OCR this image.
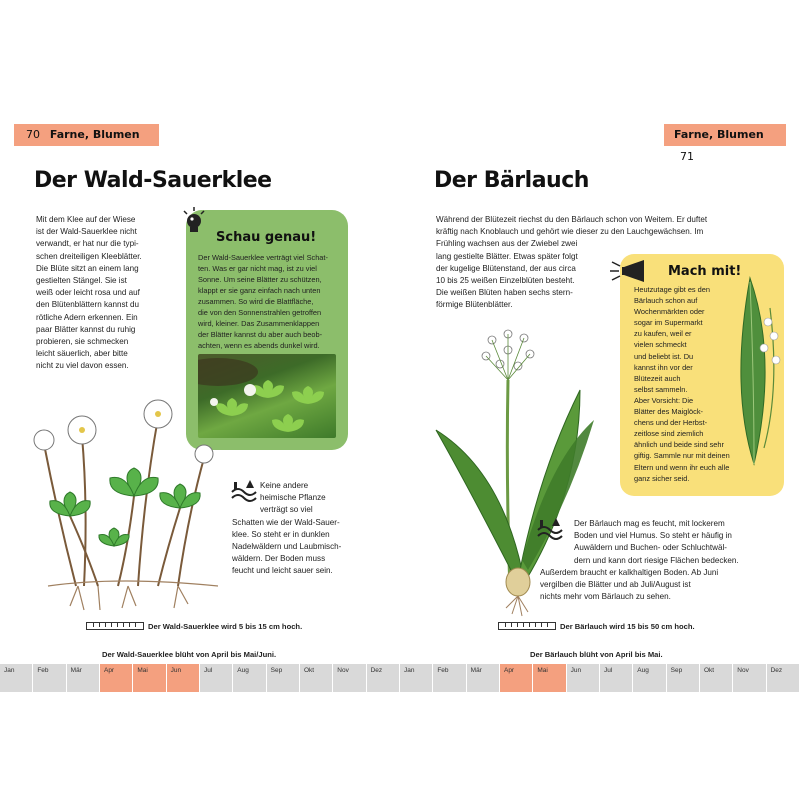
70 Farne, Blumen
Der Wald-Sauerklee
Mit dem Klee auf der Wiese
ist der Wald-Sauerklee nicht
verwandt, er hat nur die typi-
schen dreiteiligen Kleeblätter.
Die Blüte sitzt an einem lang
gestielten Stängel. Sie ist
weiß oder leicht rosa und auf
den Blütenblättern kannst du
rötliche Adern erkennen. Ein
paar Blätter kannst du ruhig
probieren, sie schmecken
leicht säuerlich, aber bitte
nicht zu viel davon essen.
Schau genau!
Der Wald-Sauerklee verträgt viel Schat-
ten. Was er gar nicht mag, ist zu viel
Sonne. Um seine Blätter zu schützen,
klappt er sie ganz einfach nach unten
zusammen. So wird die Blattfläche,
die von den Sonnenstrahlen getroffen
wird, kleiner. Das Zusammenklappen
der Blätter kannst du aber auch beob-
achten, wenn es abends dunkel wird.
Keine andere
heimische Pflanze
verträgt so viel
Schatten wie der Wald-Sauer-
klee. So steht er in dunklen
Nadelwäldern und Laubmisch-
wäldern. Der Boden muss
feucht und leicht sauer sein.
Der Wald-Sauerklee wird 5 bis 15 cm hoch.
Der Wald-Sauerklee blüht von April bis Mai/Juni.
Jan	Feb	Mär	Apr	Mai	Jun	Jul	Aug	Sep	Okt	Nov	Dez
Farne, Blumen 71
Der Bärlauch
Während der Blütezeit riechst du den Bärlauch schon von Weitem. Er duftet
kräftig nach Knoblauch und gehört wie dieser zu den Lauchgewächsen. Im
Frühling wachsen aus der Zwiebel zwei
lang gestielte Blätter. Etwas später folgt
der kugelige Blütenstand, der aus circa
10 bis 25 weißen Einzelblüten besteht.
Die weißen Blüten haben sechs stern-
förmige Blütenblätter.
Mach mit!
Heutzutage gibt es den
Bärlauch schon auf
Wochenmärkten oder
sogar im Supermarkt
zu kaufen, weil er
vielen schmeckt
und beliebt ist. Du
kannst ihn vor der
Blütezeit auch
selbst sammeln.
Aber Vorsicht: Die
Blätter des Maiglöck-
chens und der Herbst-
zeitlose sind ziemlich
ähnlich und beide sind sehr
giftig. Sammle nur mit deinen
Eltern und wenn ihr euch alle
ganz sicher seid.
Der Bärlauch mag es feucht, mit lockerem
Boden und viel Humus. So steht er häufig in
Auwäldern und Buchen- oder Schluchtwäl-
dern und kann dort riesige Flächen bedecken.
Außerdem braucht er kalkhaltigen Boden. Ab Juni
vergilben die Blätter und ab Juli/August ist
nichts mehr vom Bärlauch zu sehen.
Der Bärlauch wird 15 bis 50 cm hoch.
Der Bärlauch blüht von April bis Mai.
Jan	Feb	Mär	Apr	Mai	Jun	Jul	Aug	Sep	Okt	Nov	Dez
